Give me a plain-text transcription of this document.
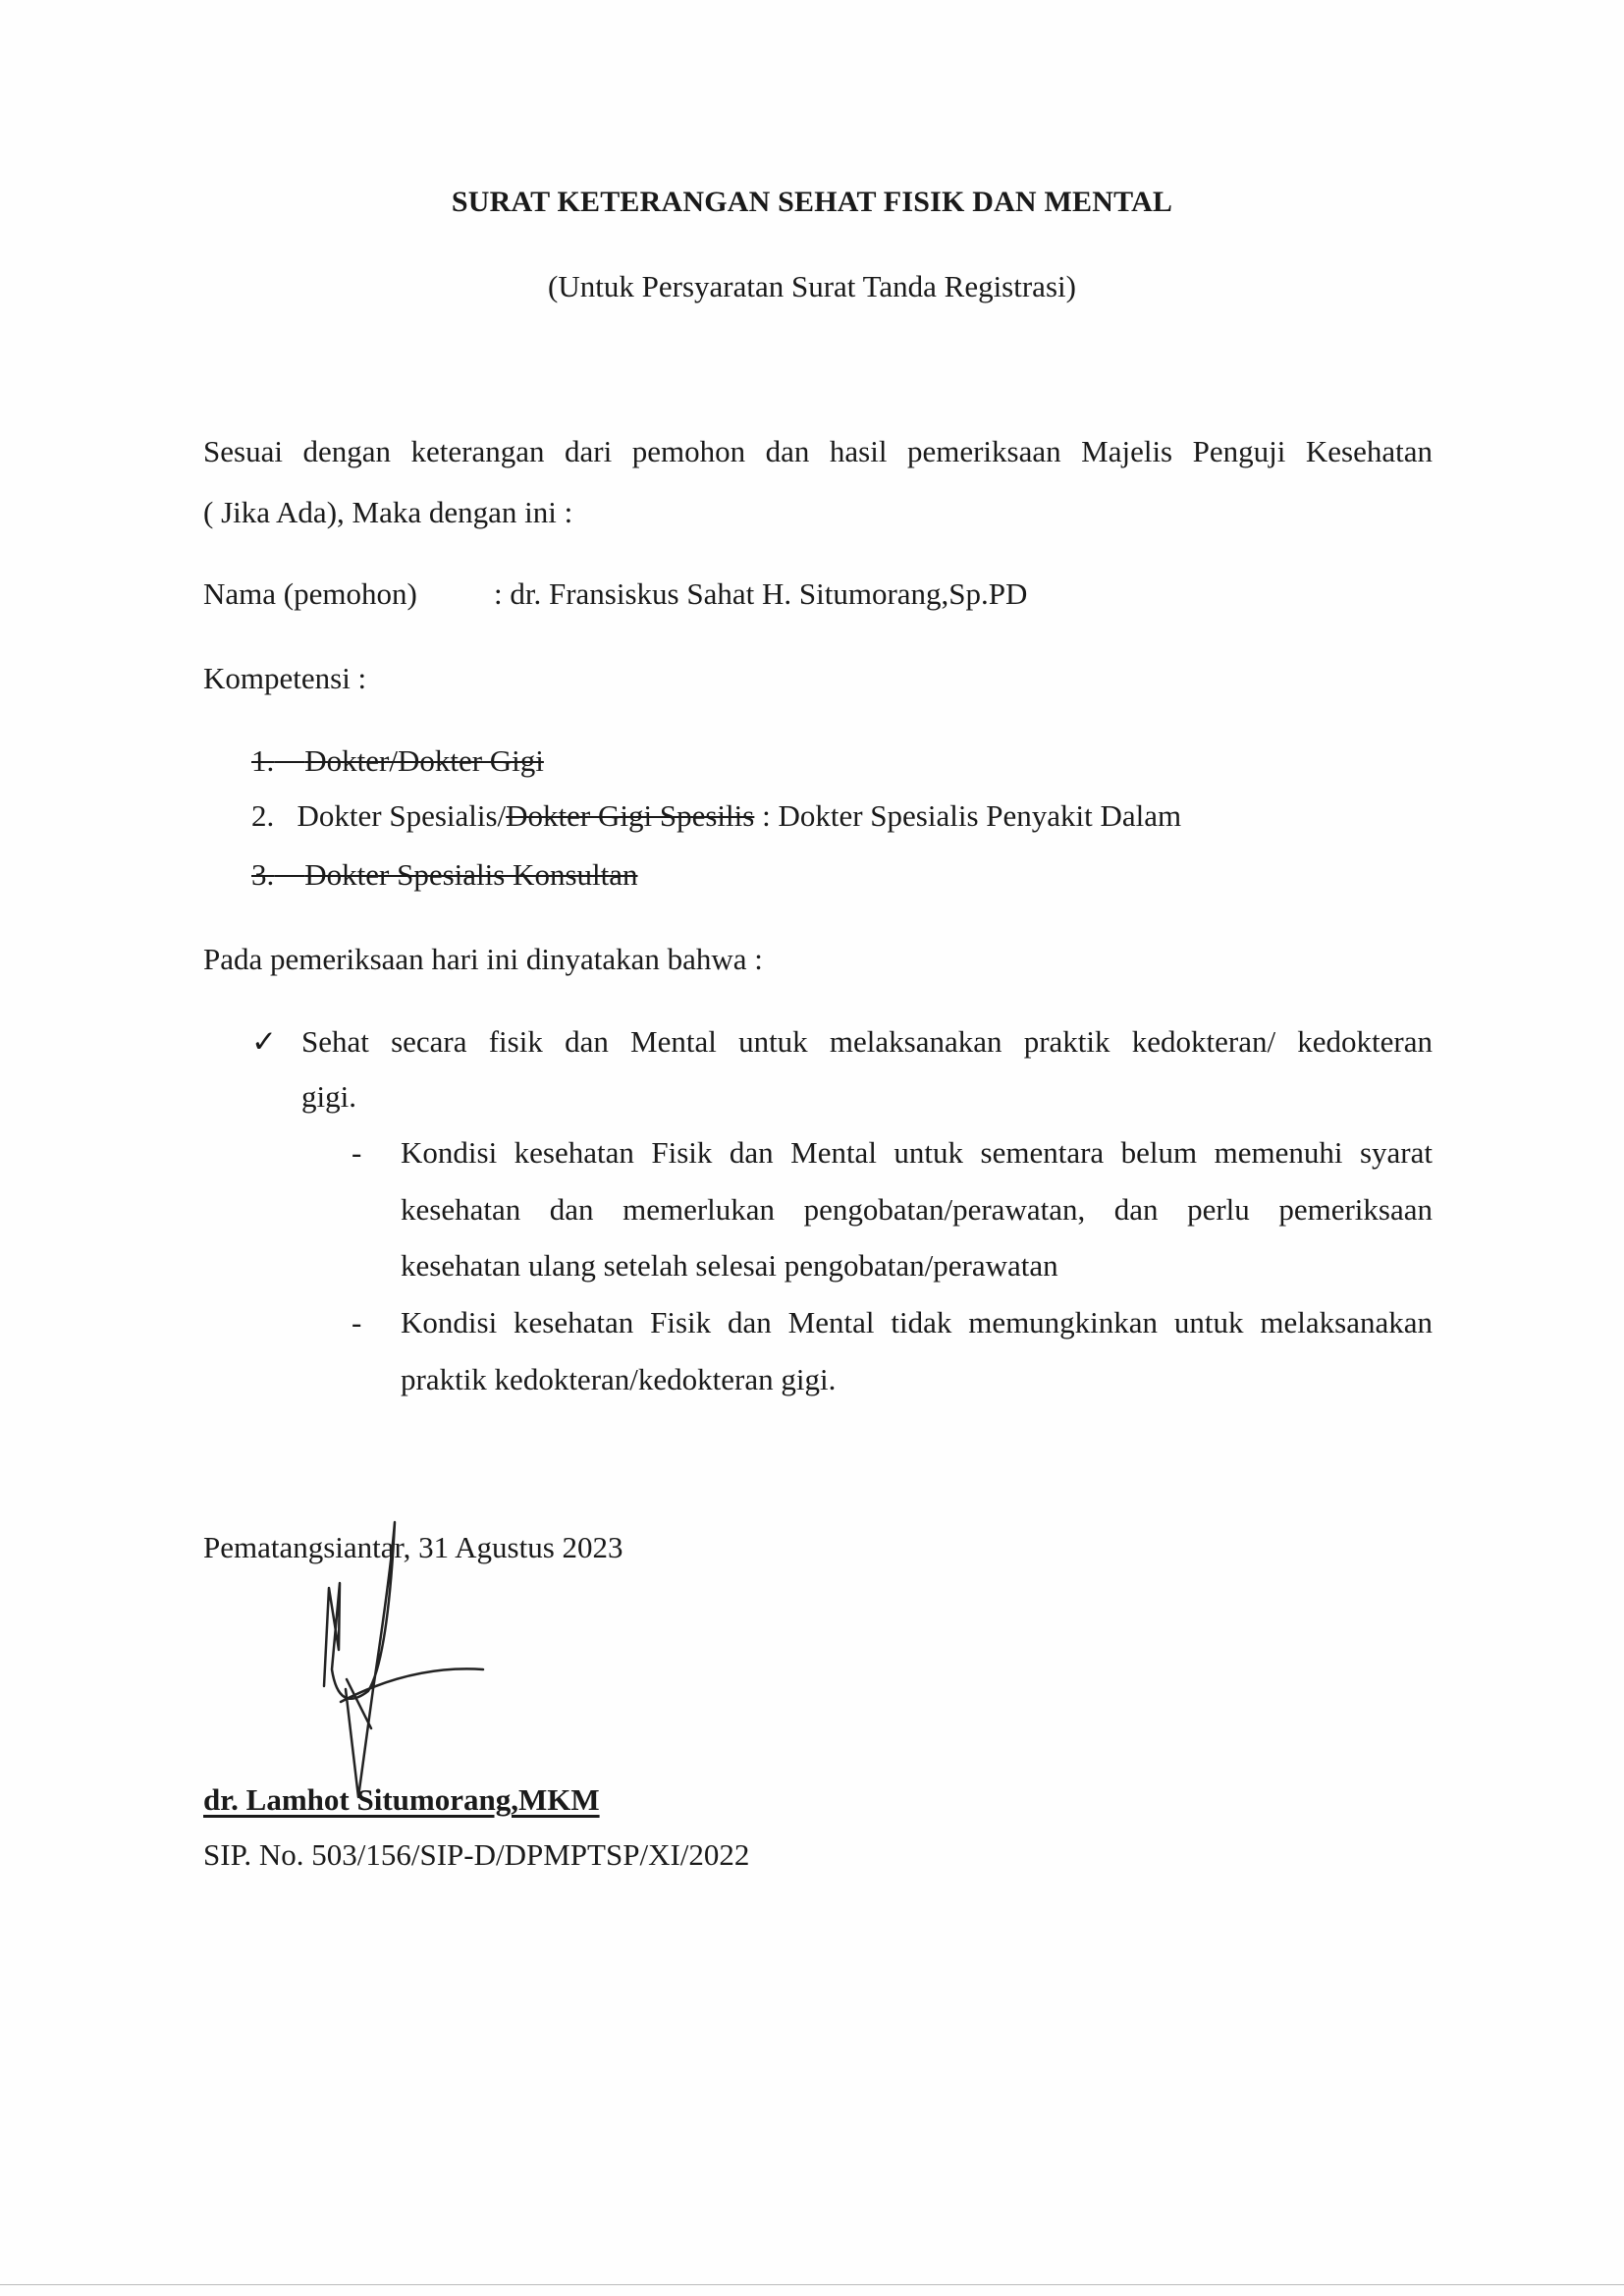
SURAT KETERANGAN SEHAT FISIK DAN MENTAL
(Untuk Persyaratan Surat Tanda Registrasi)
Sesuai dengan keterangan dari pemohon dan hasil pemeriksaan Majelis Penguji Kesehatan
( Jika Ada), Maka dengan ini :
Nama (pemohon)	: dr. Fransiskus Sahat H. Situmorang,Sp.PD
Kompetensi :
1. Dokter/Dokter Gigi
2. Dokter Spesialis/Dokter Gigi Spesilis : Dokter Spesialis Penyakit Dalam
3. Dokter Spesialis Konsultan
Pada pemeriksaan hari ini dinyatakan bahwa :
✓ Sehat secara fisik dan Mental untuk melaksanakan praktik kedokteran/ kedokteran
gigi.
- Kondisi kesehatan Fisik dan Mental untuk sementara belum memenuhi syarat
kesehatan dan memerlukan pengobatan/perawatan, dan perlu pemeriksaan
kesehatan ulang setelah selesai pengobatan/perawatan
- Kondisi kesehatan Fisik dan Mental tidak memungkinkan untuk melaksanakan
praktik kedokteran/kedokteran gigi.
Pematangsiantar, 31 Agustus 2023
dr. Lamhot Situmorang,MKM
SIP. No. 503/156/SIP-D/DPMPTSP/XI/2022
